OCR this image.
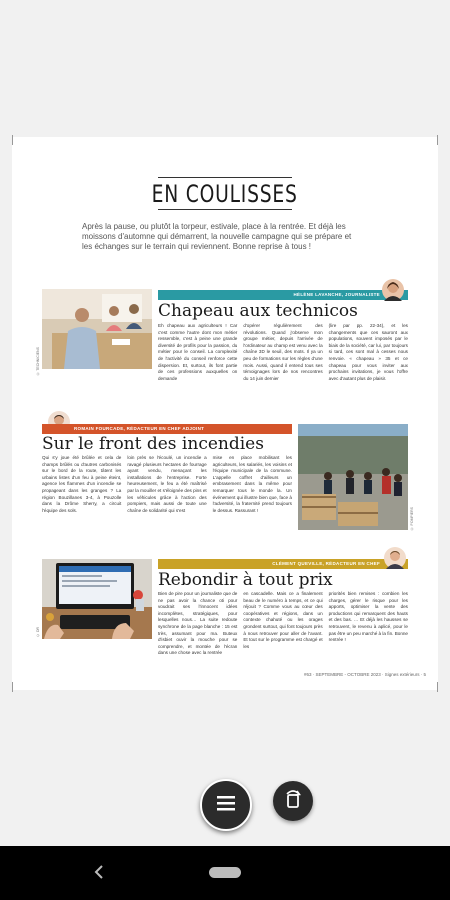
EN COULISSES
Après la pause, ou plutôt la torpeur, estivale, place à la rentrée. Et déjà les moissons d'automne qui démarrent, la nouvelle campagne qui se prépare et les échanges sur le terrain qui reviennent. Bonne reprise à tous !
© TECHNICIENS
HÉLÈNE LAVANCHE, JOURNALISTE
Chapeau aux technicos
Eh chapeau aux agriculteurs ! Car c'est comme l'autre dont mon métier ressemble, c'est à peine une grande diversité de profils pour la passion, du métier pour le conseil. La complexité de l'activité du conseil renforce cette dispersion. Et, surtout, ils font partie de ces professions auxquelles on demande
d'opérer régulièrement des révolutions. Quand j'observe mon groupe métier, depuis l'arrivée de l'ordinateur au champ est venu avec la chaîne 3D le seuil, des mots. Il ya un peu de formations sur les règles d'une mois. Aussi, quand il entend tous ses témoignages lors de nos rencontres du 14 juin dernier
(lire par pp. 22-34), et les changements que ces sauront aux populations, souvent imposés par le biais de la société, car lui, par toujours si tard, ces sont mal à cesses nous renvoie. « chapeau » 35 et ce chapeau pour vous inviter aux prochains invitations, je vous l'offre avec d'autant plus de plaisir.
ROMAIN FOURCADE, RÉDACTEUR EN CHEF ADJOINT
Sur le front des incendies
Qui s'y joue été brûlée et cela de champs brûlés ou d'autres carbonisés sur le bord de la route, tâtent les urbains listes d'un feu à peine éteint, agence les flammes d'un incendie se propageant dans les granges ? La région Bouzillanes 3-4, à Pouzolle dans la Drôme Sherry, a circuit l'équipe des sols.
loin près se l'écoulé, un incendie a ravagé plusieurs hectares de fourrage ayant vendu, menaçant les installations de l'entreprise. Forte heureusement, le feu a été maîtrisé par la mouiller et s'éloignée des pins et les véhicules grâce à l'action des pompiers, mais aussi de toute une chaîne de solidarité qui s'est
mise en place mobilisant les agriculteurs, les salariés, les voisins et l'équipe municipale de la commune. L'appelle coffret d'ailleurs un embrasement dans la même pour remarquer tous le monde la. Un événement qui illustre bien que, face à l'adversité, la fraternité prend toujours le dessus. Rassurant !	© POMPIERS
© DR
CLÉMENT QUEVILLE, RÉDACTEUR EN CHEF
Rebondir à tout prix
Bien de pire pour un journaliste que de ne pas avoir la chance oti pour voudrait ses l'innocent idées incomplètes, stratégiques, pour lesquelles nous… La suite redoute synchrone de la page blanche : 15 est très, assumant pour ma. Buteux d'isbiet ouvir la mouche pour se comprendre, et montée de l'écran dans une chose avec la rentrée
en cascadelle. Mais ce a finalement beau de le numéro à temps, et ce qui réjouit ? Comme vous au cœur des coopératives et régions, dans un contexte chahuté ou les orages grondent surtout, qui font toujours près à nous retrouver pour aller de l'avant. Et tout sur le programme est chargé et les
priorités bien remises : combien les charges, gérer le risque pour les apports, optimiser la vente des productions qui remarquent des hauts et des bas. … Et déjà les hausses se retrouvent, le revenu à aplicé, pour le pas être un peu marché à la fin. Bonne rentrée !
#63 · SEPTEMBRE - OCTOBRE 2023 · Signes extérieurs · 5
